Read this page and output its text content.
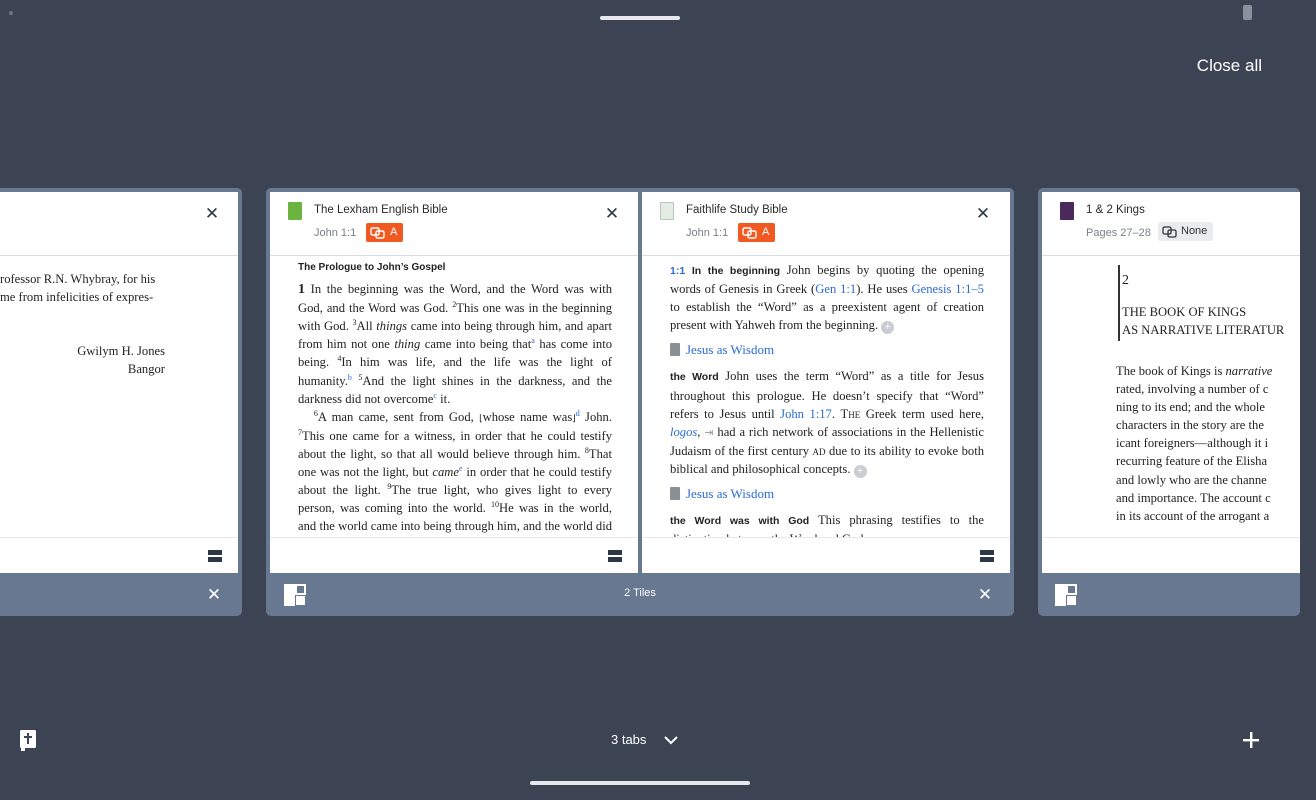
Close all
✕
rofessor R.N. Whybray, for his
me from infelicities of expres-
Gwilym H. Jones
Bangor
✕
The Lexham English Bible
John 1:1	A
✕
The Prologue to John’s Gospel
1 In the beginning was the Word, and the Word was with God, and the Word was God. $^2$This one was in the beginning with God. $^3$All things came into being through him, and apart from him not one thing came into being that$^a$ has come into being. $^4$In him was life, and the life was the light of humanity.$^b$ $^5$And the light shines in the darkness, and the darkness did not overcome$^c$ it.
$^6$A man came, sent from God, ⌊whose name was⌋$^d$ John. $^7$This one came for a witness, in order that he could testify about the light, so that all would believe through him. $^8$That one was not the light, but came$^e$ in order that he could testify about the light. $^9$The true light, who gives light to every person, was coming into the world. $^{10}$He was in the world, and the world came into being through him, and the world did
Faithlife Study Bible
John 1:1	A
✕
1:1 In the beginning John begins by quoting the opening words of Genesis in Greek (Gen 1:1). He uses Genesis 1:1–5 to establish the “Word” as a preexistent agent of creation present with Yahweh from the beginning. +
Jesus as Wisdom
the Word John uses the term “Word” as a title for Jesus throughout this prologue. He doesn’t specify that “Word” refers to Jesus until John 1:17. The Greek term used here, logos, ⇥ had a rich network of associations in the Hellenistic Judaism of the first century ad due to its ability to evoke both biblical and philosophical concepts. +
Jesus as Wisdom
the Word was with God This phrasing testifies to the
2 Tiles	✕
1 & 2 Kings
Pages 27–28	None
2
THE BOOK OF KINGS
AS NARRATIVE LITERATUR
The book of Kings is narrative
rated, involving a number of c
ning to its end; and the whole
characters in the story are the
icant foreigners—although it i
recurring feature of the Elisha
and lowly who are the channe
and importance. The account c
in its account of the arrogant a
3 tabs
